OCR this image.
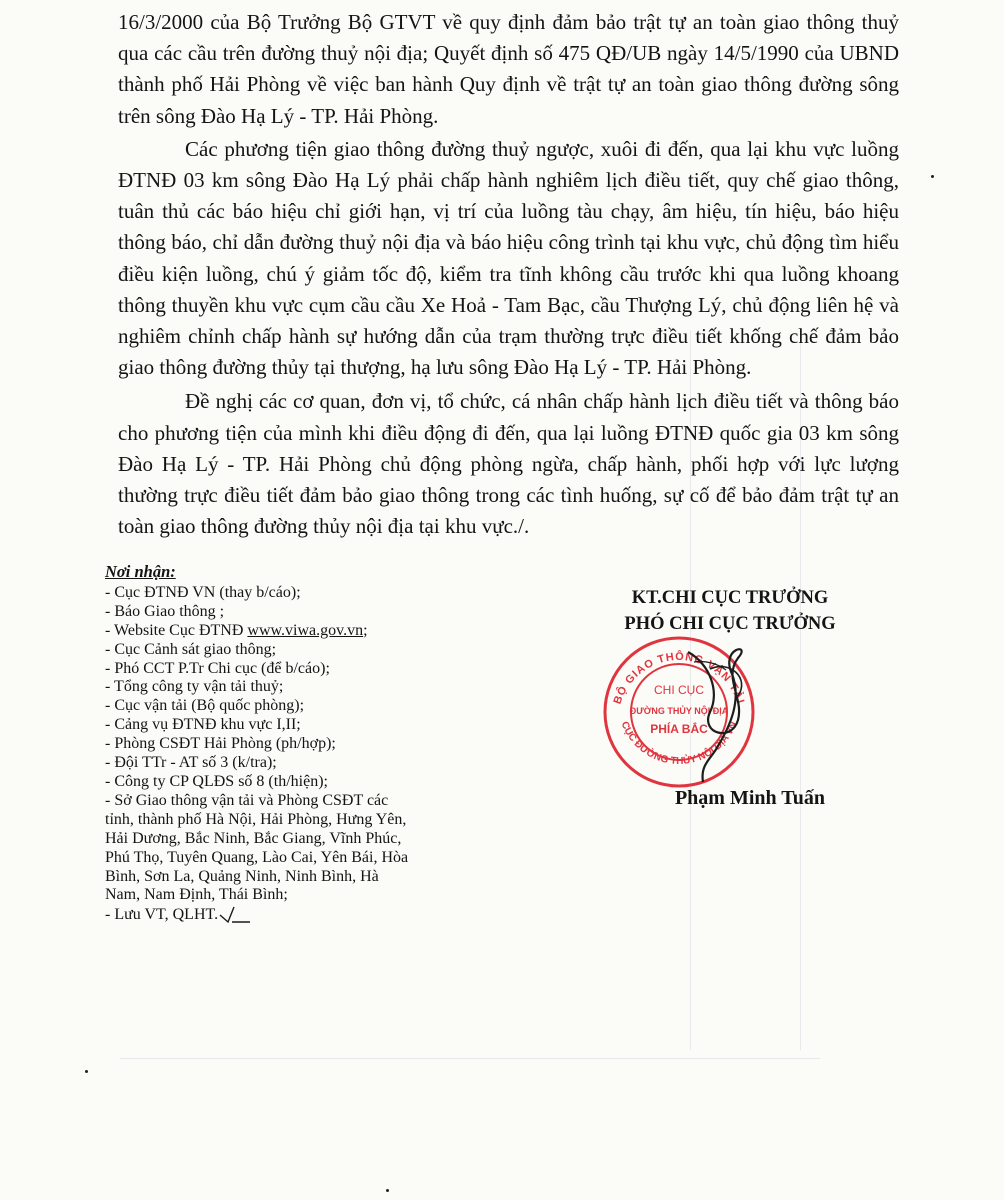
16/3/2000 của Bộ Trưởng Bộ GTVT về quy định đảm bảo trật tự an toàn giao thông thuỷ qua các cầu trên đường thuỷ nội địa; Quyết định số 475 QĐ/UB ngày 14/5/1990 của UBND thành phố Hải Phòng về việc ban hành Quy định về trật tự an toàn giao thông đường sông trên sông Đào Hạ Lý - TP. Hải Phòng.

Các phương tiện giao thông đường thuỷ ngược, xuôi đi đến, qua lại khu vực luồng ĐTNĐ 03 km sông Đào Hạ Lý phải chấp hành nghiêm lịch điều tiết, quy chế giao thông, tuân thủ các báo hiệu chỉ giới hạn, vị trí của luồng tàu chạy, âm hiệu, tín hiệu, báo hiệu thông báo, chỉ dẫn đường thuỷ nội địa và báo hiệu công trình tại khu vực, chủ động tìm hiểu điều kiện luồng, chú ý giảm tốc độ, kiểm tra tĩnh không cầu trước khi qua luồng khoang thông thuyền khu vực cụm cầu cầu Xe Hoả - Tam Bạc, cầu Thượng Lý, chủ động liên hệ và nghiêm chỉnh chấp hành sự hướng dẫn của trạm thường trực điều tiết khống chế đảm bảo giao thông đường thủy tại thượng, hạ lưu sông Đào Hạ Lý - TP. Hải Phòng.

Đề nghị các cơ quan, đơn vị, tổ chức, cá nhân chấp hành lịch điều tiết và thông báo cho phương tiện của mình khi điều động đi đến, qua lại luồng ĐTNĐ quốc gia 03 km sông Đào Hạ Lý - TP. Hải Phòng chủ động phòng ngừa, chấp hành, phối hợp với lực lượng thường trực điều tiết đảm bảo giao thông trong các tình huống, sự cố để bảo đảm trật tự an toàn giao thông đường thủy nội địa tại khu vực./.

Nơi nhận:
- Cục ĐTNĐ VN (thay b/cáo);
- Báo Giao thông ;
- Website Cục ĐTNĐ www.viwa.gov.vn;
- Cục Cảnh sát giao thông;
- Phó CCT P.Tr Chi cục (để b/cáo);
- Tổng công ty vận tải thuỷ;
- Cục vận tải (Bộ quốc phòng);
- Cảng vụ ĐTNĐ khu vực I,II;
- Phòng CSĐT Hải Phòng (ph/hợp);
- Đội TTr - AT số 3 (k/tra);
- Công ty CP QLĐS số 8 (th/hiện);
- Sở Giao thông vận tải và Phòng CSĐT các tỉnh, thành phố Hà Nội, Hải Phòng, Hưng Yên, Hải Dương, Bắc Ninh, Bắc Giang, Vĩnh Phúc, Phú Thọ, Tuyên Quang, Lào Cai, Yên Bái, Hòa Bình, Sơn La, Quảng Ninh, Ninh Bình, Hà Nam, Nam Định, Thái Bình;
- Lưu VT, QLHT.
KT.CHI CỤC TRƯỞNG
PHÓ CHI CỤC TRƯỞNG
BỘ GIAO THÔNG VẬN TẢI
CỤC ĐƯỜNG THỦY NỘI ĐỊA VN
CHI CỤC
ĐƯỜNG THỦY NỘI ĐỊA
PHÍA BẮC
Phạm Minh Tuấn
